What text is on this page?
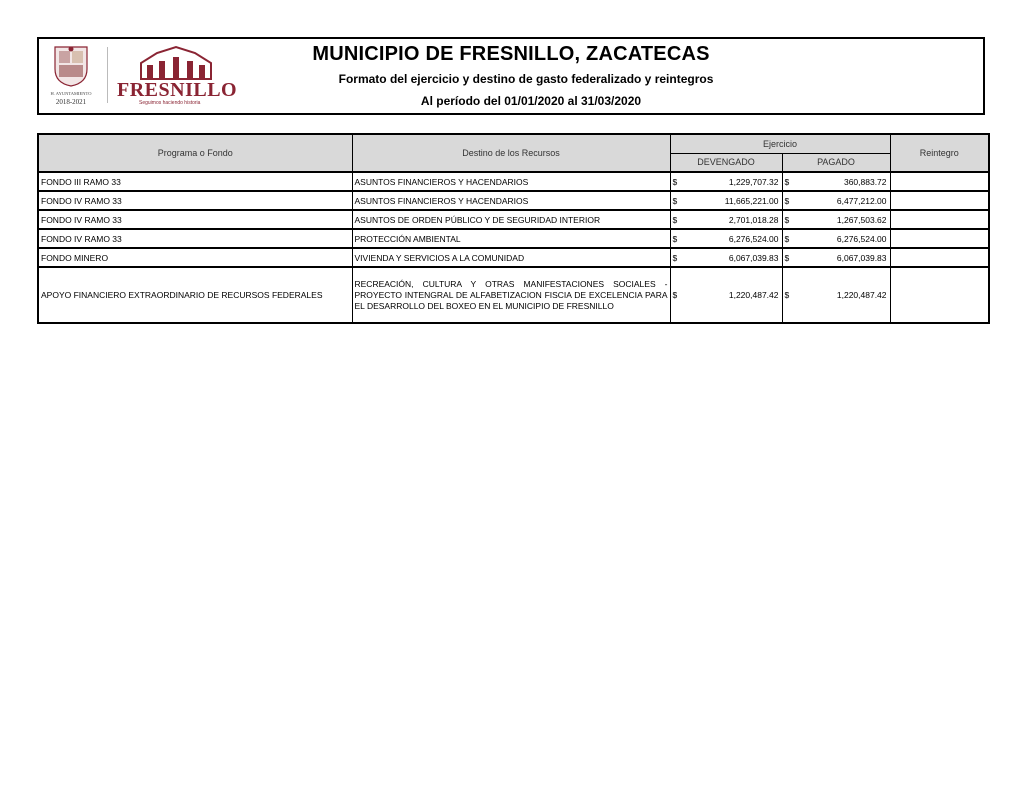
H. AYUNTAMIENTO
2018-2021
FRESNILLO
Seguimos haciendo historia
MUNICIPIO DE FRESNILLO, ZACATECAS
Formato del ejercicio y destino de gasto federalizado y reintegros
Al período del 01/01/2020 al 31/03/2020
Programa o Fondo	Destino de los Recursos	Ejercicio				Reintegro
		DEVENGADO		PAGADO		
FONDO III RAMO 33	ASUNTOS FINANCIEROS Y HACENDARIOS	$	1,229,707.32	$	360,883.72	
FONDO IV RAMO 33	ASUNTOS FINANCIEROS Y HACENDARIOS	$	11,665,221.00	$	6,477,212.00	
FONDO IV RAMO 33	ASUNTOS DE ORDEN PÚBLICO Y DE SEGURIDAD INTERIOR	$	2,701,018.28	$	1,267,503.62	
FONDO IV RAMO 33	PROTECCIÓN AMBIENTAL	$	6,276,524.00	$	6,276,524.00	
FONDO MINERO	VIVIENDA Y SERVICIOS A LA COMUNIDAD	$	6,067,039.83	$	6,067,039.83	
APOYO FINANCIERO EXTRAORDINARIO DE RECURSOS FEDERALES	RECREACIÓN, CULTURA Y OTRAS MANIFESTACIONES SOCIALES - PROYECTO INTENGRAL DE ALFABETIZACION FISCIA DE EXCELENCIA PARA EL DESARROLLO DEL BOXEO EN EL MUNICIPIO DE FRESNILLO	$	1,220,487.42	$	1,220,487.42	
